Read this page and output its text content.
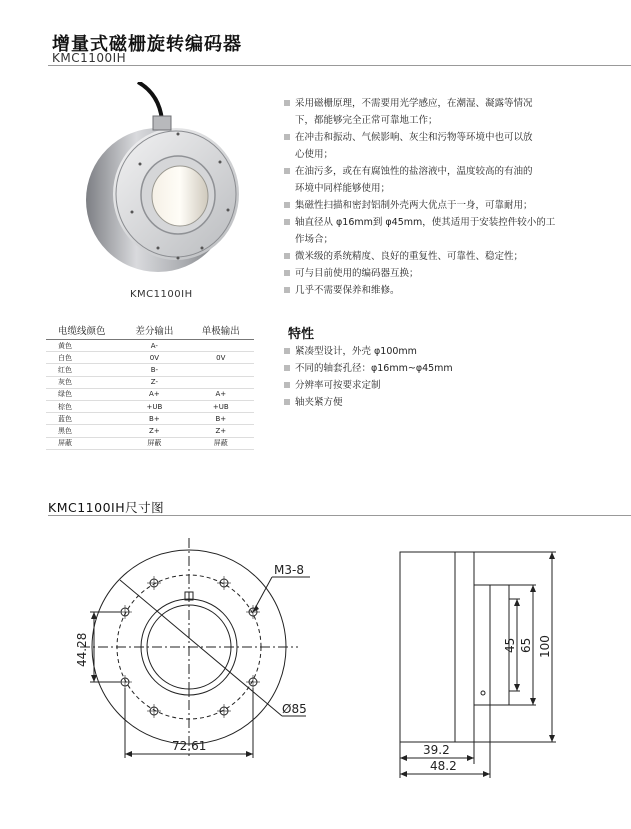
增量式磁栅旋转编码器
KMC1100IH
KMC1100IH
采用磁栅原理，不需要用光学感应，在潮湿、凝露等情况
下，都能够完全正常可靠地工作；
在冲击和振动、气候影响、灰尘和污物等环境中也可以放
心使用；
在油污多，或在有腐蚀性的盐溶液中，温度较高的有油的
环境中同样能够使用；
集磁性扫描和密封铝制外壳两大优点于一身，可靠耐用；
轴直径从 φ16mm到 φ45mm，使其适用于安装控件较小的工
作场合；
微米级的系统精度、良好的重复性、可靠性、稳定性；
可与目前使用的编码器互换；
几乎不需要保养和维修。
电缆线颜色	差分输出	单极输出
黄色	A-	
白色	0V	0V
红色	B-	
灰色	Z-	
绿色	A+	A+
棕色	+UB	+UB
蓝色	B+	B+
黑色	Z+	Z+
屏蔽	屏蔽	屏蔽
特性
紧凑型设计，外壳 φ100mm
不同的轴套孔径：φ16mm~φ45mm
分辨率可按要求定制
轴夹紧方便
KMC1100IH尺寸图
M3-8
44.28
Ø85
72.61
45 65 100
39.2
48.2
